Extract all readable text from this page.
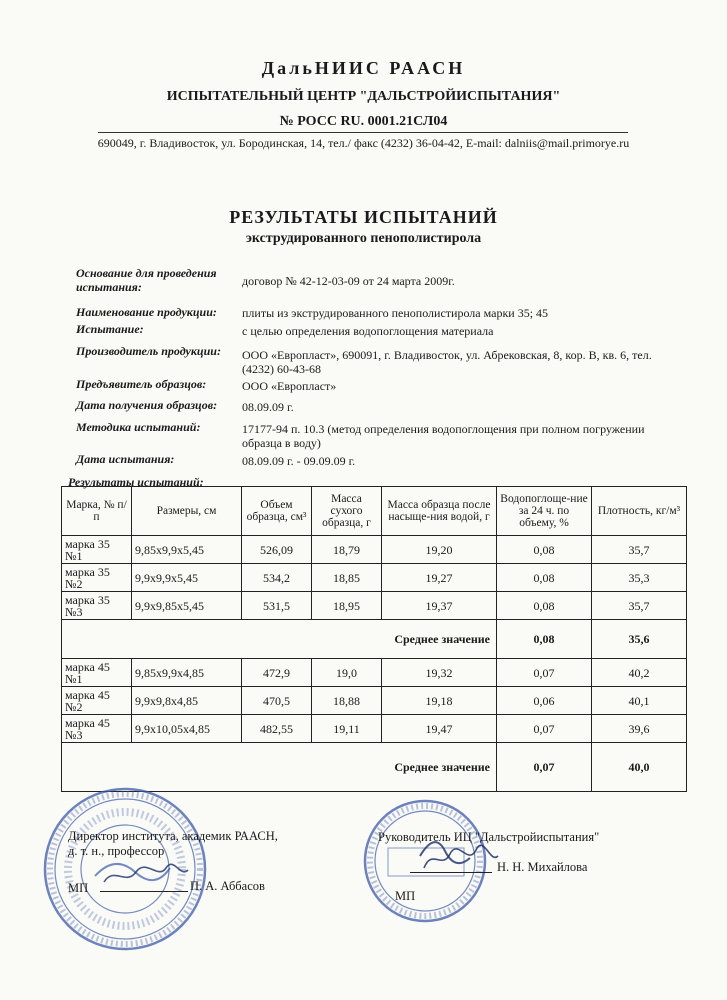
ДальНИИС РААСН
ИСПЫТАТЕЛЬНЫЙ ЦЕНТР "ДАЛЬСТРОЙИСПЫТАНИЯ"
№ РОСС RU. 0001.21СЛ04
690049, г. Владивосток, ул. Бородинская, 14, тел./ факс (4232) 36-04-42, E-mail: dalniis@mail.primorye.ru
РЕЗУЛЬТАТЫ ИСПЫТАНИЙ
экструдированного пенополистирола
Основание для проведения испытания:	договор № 42-12-03-09 от 24 марта 2009г.
Наименование продукции: плиты из экструдированного пенополистирола марки 35; 45
Испытание:	с целью определения водопоглощения материала
Производитель продукции: ООО «Европласт», 690091, г. Владивосток, ул. Абрековская, 8, кор. В, кв. 6, тел. (4232) 60-43-68
Предъявитель образцов:	ООО «Европласт»
Дата получения образцов: 08.09.09 г.
Методика испытаний:	17177-94 п. 10.3 (метод определения водопоглощения при полном погружении образца в воду)
Дата испытания:	08.09.09 г. - 09.09.09 г.
Результаты испытаний:
Марка, № п/п	Размеры, см	Объем образца, см³	Масса сухого образца, г	Масса образца после насыще-ния водой, г	Водопоглоще-ние за 24 ч. по объему, %	Плотность, кг/м³
марка 35 №1	9,85х9,9х5,45	526,09	18,79	19,20	0,08	35,7
марка 35 №2	9,9х9,9х5,45	534,2	18,85	19,27	0,08	35,3
марка 35 №3	9,9х9,85х5,45	531,5	18,95	19,37	0,08	35,7
Среднее значение					0,08	35,6
марка 45 №1	9,85х9,9х4,85	472,9	19,0	19,32	0,07	40,2
марка 45 №2	9,9х9,8х4,85	470,5	18,88	19,18	0,06	40,1
марка 45 №3	9,9х10,05х4,85	482,55	19,11	19,47	0,07	39,6
Среднее значение					0,07	40,0
Директор института, академик РААСН,
д. т. н., профессор
МП	П. А. Аббасов
Руководитель ИЦ "Дальстройиспытания"
МП
Н. Н. Михайлова
